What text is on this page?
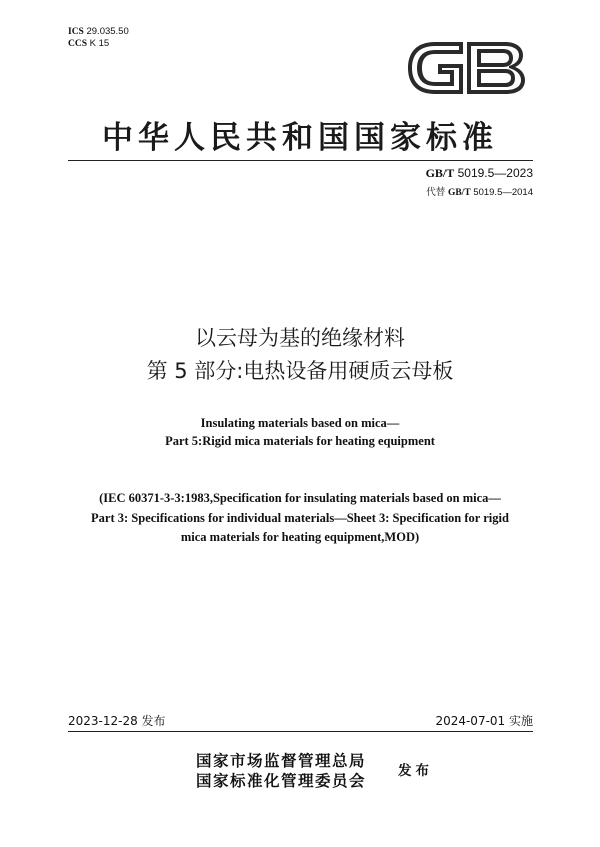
ICS 29.035.50
CCS K 15
中华人民共和国国家标准
GB/T 5019.5—2023
代替 GB/T 5019.5—2014
以云母为基的绝缘材料
第 5 部分:电热设备用硬质云母板
Insulating materials based on mica—
Part 5:Rigid mica materials for heating equipment
(IEC 60371-3-3:1983,Specification for insulating materials based on mica—
Part 3: Specifications for individual materials—Sheet 3: Specification for rigid
mica materials for heating equipment,MOD)
2023-12-28 发布	2024-07-01 实施
国家市场监督管理总局
国家标准化管理委员会 发布
